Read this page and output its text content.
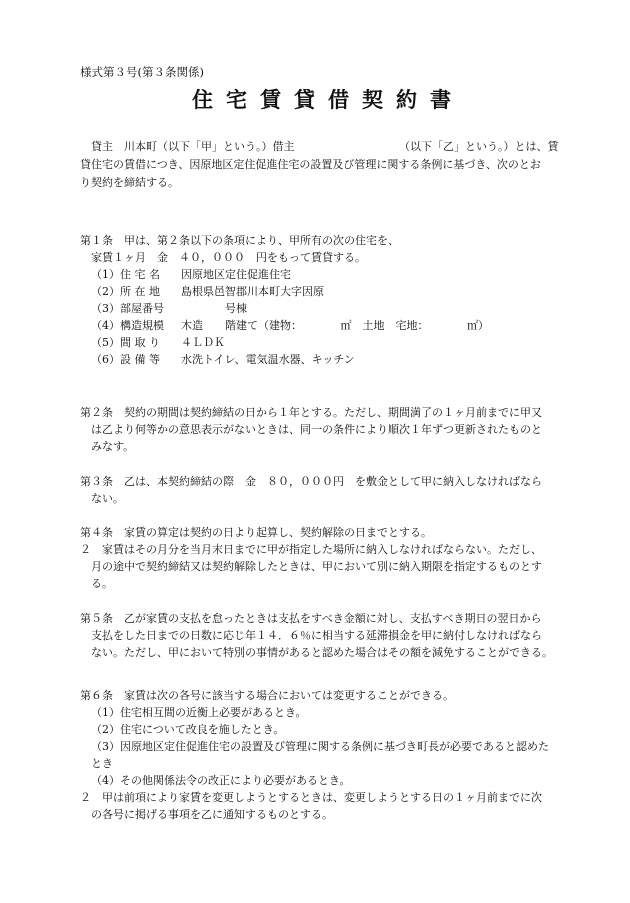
様式第３号(第３条関係)
住宅賃貸借契約書
　貸主　川本町（以下「甲」という。）借主　　　　　　　　　　（以下「乙」という。）とは、賃
貸住宅の賃借につき、因原地区定住促進住宅の設置及び管理に関する条例に基づき、次のとお
り契約を締結する。
第１条　甲は、第２条以下の条項により、甲所有の次の住宅を、
家賃１ヶ月　金　４０，０００　円をもって賃貸する。
（1）住 宅 名	因原地区定住促進住宅
（2）所 在 地	島根県邑智郡川本町大字因原
（3）部屋番号	　　　　号棟
（4）構造規模	木造　　階建て（建物：　　　　㎡　土地　宅地：　　　　㎡）
（5）間 取 り	４ＬＤＫ
（6）設 備 等	水洗トイレ、電気温水器、キッチン
第２条　契約の期間は契約締結の日から１年とする。ただし、期間満了の１ヶ月前までに甲又
は乙より何等かの意思表示がないときは、同一の条件により順次１年ずつ更新されたものと
みなす。
第３条　乙は、本契約締結の際　金　８０，０００円　を敷金として甲に納入しなければなら
ない。
第４条　家賃の算定は契約の日より起算し、契約解除の日までとする。
２　家賃はその月分を当月末日までに甲が指定した場所に納入しなければならない。ただし、
月の途中で契約締結又は契約解除したときは、甲において別に納入期限を指定するものとす
る。
第５条　乙が家賃の支払を怠ったときは支払をすべき金額に対し、支払すべき期日の翌日から
支払をした日までの日数に応じ年１４．６％に相当する延滞損金を甲に納付しなければなら
ない。ただし、甲において特別の事情があると認めた場合はその額を減免することができる。
第６条　家賃は次の各号に該当する場合においては変更することができる。
（1）住宅相互間の近衡上必要があるとき。
（2）住宅について改良を施したとき。
（3）因原地区定住促進住宅の設置及び管理に関する条例に基づき町長が必要であると認めた
とき
（4）その他関係法令の改正により必要があるとき。
２　甲は前項により家賃を変更しようとするときは、変更しようとする日の１ヶ月前までに次
の各号に掲げる事項を乙に通知するものとする。
